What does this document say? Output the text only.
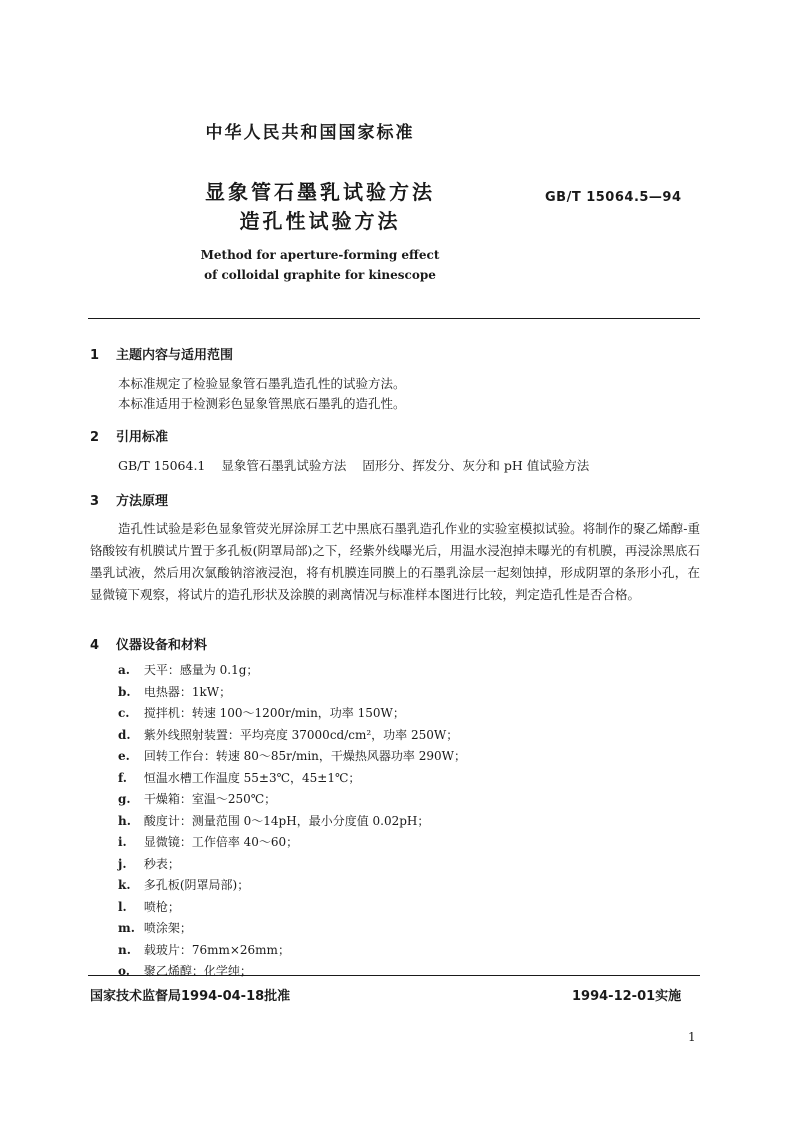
中华人民共和国国家标准
显象管石墨乳试验方法
造孔性试验方法
GB/T 15064.5—94
Method for aperture-forming effect
of colloidal graphite for kinescope
1 主题内容与适用范围
本标准规定了检验显象管石墨乳造孔性的试验方法。
本标准适用于检测彩色显象管黑底石墨乳的造孔性。
2 引用标准
GB/T 15064.1 显象管石墨乳试验方法 固形分、挥发分、灰分和 pH 值试验方法
3 方法原理
造孔性试验是彩色显象管荧光屏涂屏工艺中黑底石墨乳造孔作业的实验室模拟试验。将制作的聚乙烯醇-重铬酸铵有机膜试片置于多孔板(阴罩局部)之下，经紫外线曝光后，用温水浸泡掉未曝光的有机膜，再浸涂黑底石墨乳试液，然后用次氯酸钠溶液浸泡，将有机膜连同膜上的石墨乳涂层一起刻蚀掉，形成阴罩的条形小孔，在显微镜下观察，将试片的造孔形状及涂膜的剥离情况与标准样本图进行比较，判定造孔性是否合格。
4 仪器设备和材料
a. 天平：感量为 0.1g；
b. 电热器：1kW；
c. 搅拌机：转速 100～1200r/min，功率 150W；
d. 紫外线照射装置：平均亮度 37000cd/cm²，功率 250W；
e. 回转工作台：转速 80～85r/min，干燥热风器功率 290W；
f. 恒温水槽工作温度 55±3℃，45±1℃；
g. 干燥箱：室温～250℃；
h. 酸度计：测量范围 0～14pH，最小分度值 0.02pH；
i. 显微镜：工作倍率 40～60；
j. 秒表；
k. 多孔板(阴罩局部)；
l. 喷枪；
m. 喷涂架；
n. 载玻片：76mm×26mm；
o. 聚乙烯醇：化学纯；
国家技术监督局1994-04-18批准	1994-12-01实施
1
